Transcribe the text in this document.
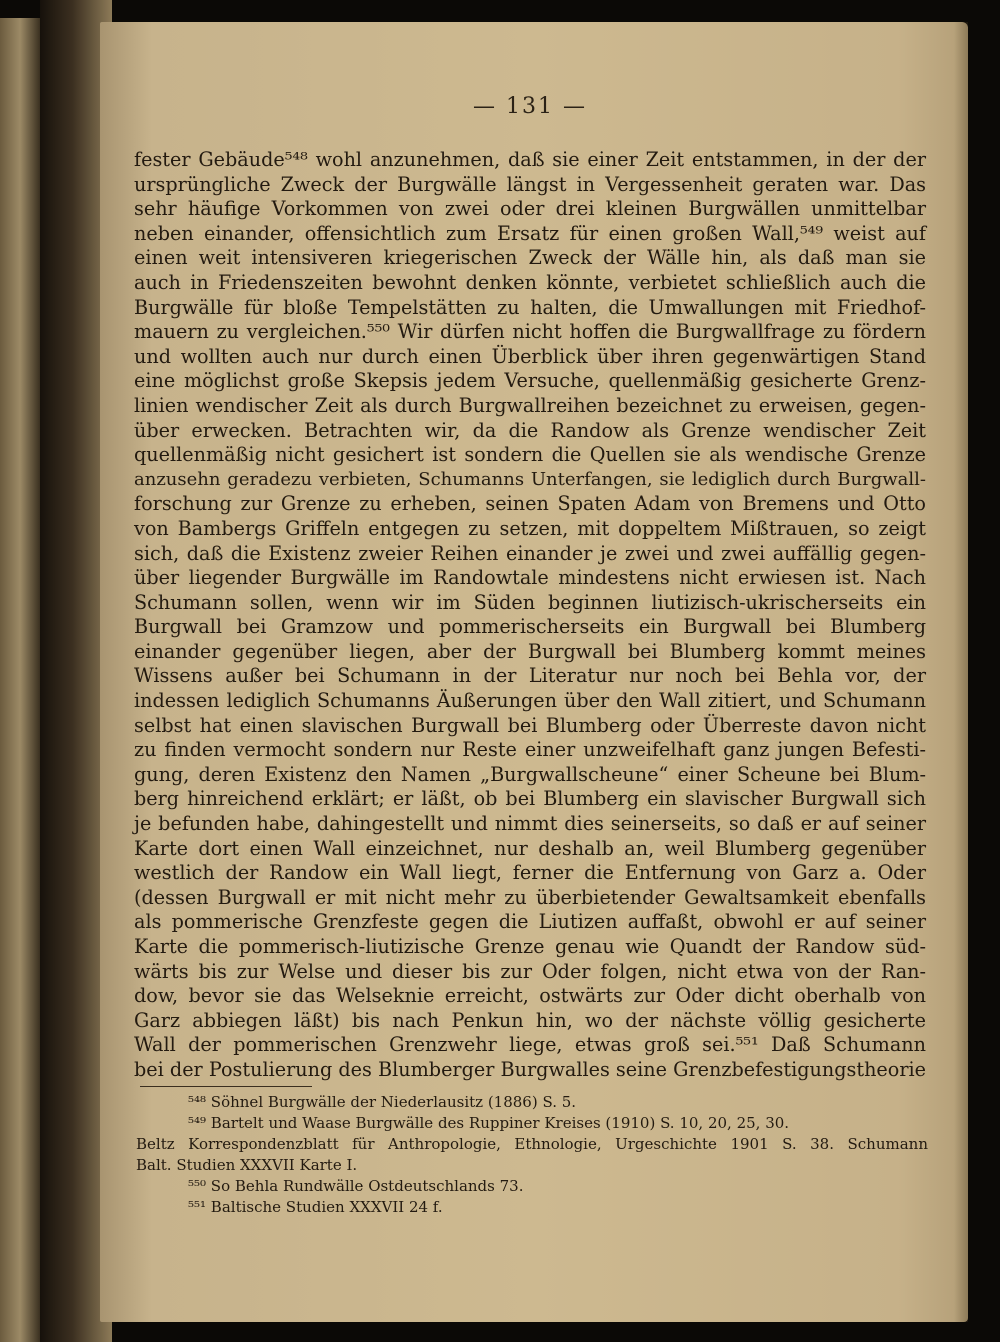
— 131 —
fester Gebäude⁵⁴⁸ wohl anzunehmen, daß sie einer Zeit entstammen, in der der
ursprüngliche Zweck der Burgwälle längst in Vergessenheit geraten war. Das
sehr häufige Vorkommen von zwei oder drei kleinen Burgwällen unmittelbar
neben einander, offensichtlich zum Ersatz für einen großen Wall,⁵⁴⁹ weist auf
einen weit intensiveren kriegerischen Zweck der Wälle hin, als daß man sie
auch in Friedenszeiten bewohnt denken könnte, verbietet schließlich auch die
Burgwälle für bloße Tempelstätten zu halten, die Umwallungen mit Friedhof-
mauern zu vergleichen.⁵⁵⁰ Wir dürfen nicht hoffen die Burgwallfrage zu fördern
und wollten auch nur durch einen Überblick über ihren gegenwärtigen Stand
eine möglichst große Skepsis jedem Versuche, quellenmäßig gesicherte Grenz-
linien wendischer Zeit als durch Burgwallreihen bezeichnet zu erweisen, gegen-
über erwecken. Betrachten wir, da die Randow als Grenze wendischer Zeit
quellenmäßig nicht gesichert ist sondern die Quellen sie als wendische Grenze
anzusehn geradezu verbieten, Schumanns Unterfangen, sie lediglich durch Burgwall-
forschung zur Grenze zu erheben, seinen Spaten Adam von Bremens und Otto
von Bambergs Griffeln entgegen zu setzen, mit doppeltem Mißtrauen, so zeigt
sich, daß die Existenz zweier Reihen einander je zwei und zwei auffällig gegen-
über liegender Burgwälle im Randowtale mindestens nicht erwiesen ist. Nach
Schumann sollen, wenn wir im Süden beginnen liutizisch-ukrischerseits ein
Burgwall bei Gramzow und pommerischerseits ein Burgwall bei Blumberg
einander gegenüber liegen, aber der Burgwall bei Blumberg kommt meines
Wissens außer bei Schumann in der Literatur nur noch bei Behla vor, der
indessen lediglich Schumanns Äußerungen über den Wall zitiert, und Schumann
selbst hat einen slavischen Burgwall bei Blumberg oder Überreste davon nicht
zu finden vermocht sondern nur Reste einer unzweifelhaft ganz jungen Befesti-
gung, deren Existenz den Namen „Burgwallscheune“ einer Scheune bei Blum-
berg hinreichend erklärt; er läßt, ob bei Blumberg ein slavischer Burgwall sich
je befunden habe, dahingestellt und nimmt dies seinerseits, so daß er auf seiner
Karte dort einen Wall einzeichnet, nur deshalb an, weil Blumberg gegenüber
westlich der Randow ein Wall liegt, ferner die Entfernung von Garz a. Oder
(dessen Burgwall er mit nicht mehr zu überbietender Gewaltsamkeit ebenfalls
als pommerische Grenzfeste gegen die Liutizen auffaßt, obwohl er auf seiner
Karte die pommerisch-liutizische Grenze genau wie Quandt der Randow süd-
wärts bis zur Welse und dieser bis zur Oder folgen, nicht etwa von der Ran-
dow, bevor sie das Welseknie erreicht, ostwärts zur Oder dicht oberhalb von
Garz abbiegen läßt) bis nach Penkun hin, wo der nächste völlig gesicherte
Wall der pommerischen Grenzwehr liege, etwas groß sei.⁵⁵¹ Daß Schumann
bei der Postulierung des Blumberger Burgwalles seine Grenzbefestigungstheorie
⁵⁴⁸ Söhnel Burgwälle der Niederlausitz (1886) S. 5.
⁵⁴⁹ Bartelt und Waase Burgwälle des Ruppiner Kreises (1910) S. 10, 20, 25, 30.
Beltz Korrespondenzblatt für Anthropologie, Ethnologie, Urgeschichte 1901 S. 38. Schumann
Balt. Studien XXXVII Karte I.
⁵⁵⁰ So Behla Rundwälle Ostdeutschlands 73.
⁵⁵¹ Baltische Studien XXXVII 24 f.
